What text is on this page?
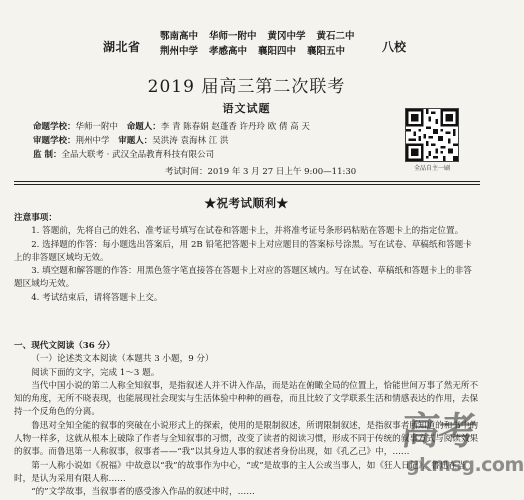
湖北省
鄂南高中 华师一附中 黄冈中学 黄石二中
荆州中学 孝感高中 襄阳四中 襄阳五中	八校
2019 届高三第二次联考
语文试题
命题学校：华师一附中 命题人：李 青 陈春娟 赵蓬香 许丹玲 欧 倩 高 天
审题学校：荆州中学 审题人：吴洪涛 袁海林 江 洪
监 制：全品大联考 · 武汉全品教育科技有限公司
考试时间：2019 年 3 月 27 日上午 9:00—11:30	全品自主一刷
★祝考试顺利★

注意事项：

1. 答题前，先将自己的姓名、准考证号填写在试卷和答题卡上，并将准考证号条形码粘贴在答题卡上的指定位置。

2. 选择题的作答：每小题选出答案后，用 2B 铅笔把答题卡上对应题目的答案标号涂黑。写在试卷、草稿纸和答题卡上的非答题区域均无效。

3. 填空题和解答题的作答：用黑色签字笔直接答在答题卡上对应的答题区域内。写在试卷、草稿纸和答题卡上的非答题区域均无效。

4. 考试结束后，请将答题卡上交。

一、现代文阅读（36 分）

（一）论述类文本阅读（本题共 3 小题，9 分）

阅读下面的文字，完成 1～3 题。

当代中国小说的第二人称全知叙事，是指叙述人并不讲入作品，而是站在俯瞰全局的位置上，恰能世间万事了然无所不知的角度，无所不晓表现，也能展现社会现实与生活体验中种种的画卷，而且比较了文学联系生活和情感表达的作用，去保持一个反角色的分离。

鲁迅对全知全能的叙事的突破在小说形式上的探索，使用的是限制叙述，所谓限制叙述，是指叙事者所知道的和书中的人物一样多，这就从根本上破除了作者与全知叙事的习惯，改变了读者的阅读习惯，形成不同于传统的叙事方式与阅读效果的叙事。而鲁迅第一人称叙事，叙事者——“我”以其身边人事的叙述者身份出现，如《孔乙己》中，……

第一人称小说如《祝福》中故意以“我”的故事作为中心，“或”是故事的主人公或当事人，如《狂人日记》。鲁迅在当时，是认为采用有限人称……

“的”文学故事，当叙事者的感受渗入作品的叙述中时，……

高考
gkmsg.com
